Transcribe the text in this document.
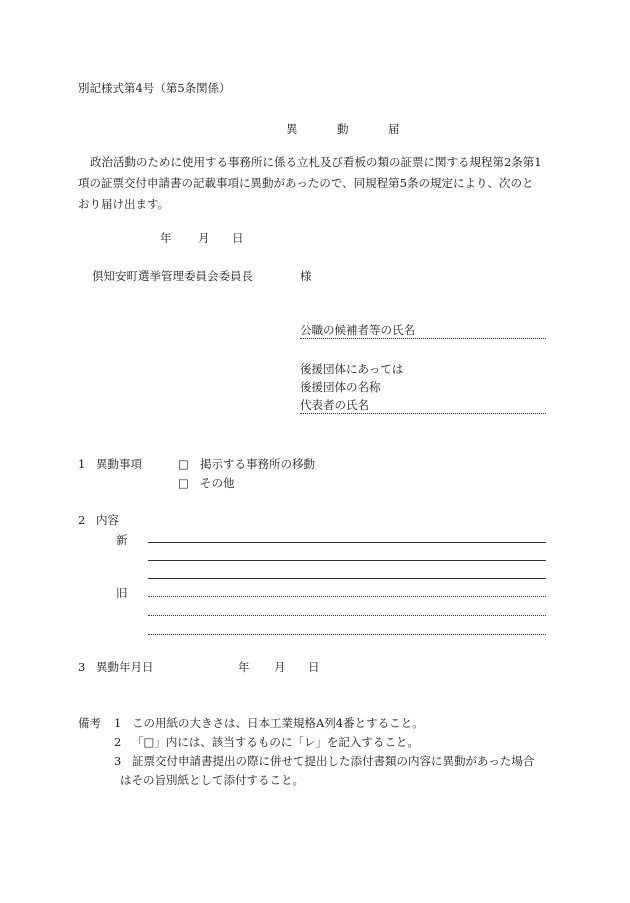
別記様式第4号（第5条関係）
異　動　届
政治活動のために使用する事務所に係る立札及び看板の類の証票に関する規程第2条第1
項の証票交付申請書の記載事項に異動があったので、同規程第5条の規定により、次のと
おり届け出ます。
年 月 日
倶知安町選挙管理委員会委員長	様
公職の候補者等の氏名
後援団体にあっては
後援団体の名称
代表者の氏名
1 異動事項	□ 掲示する事務所の移動
□ その他
2 内容
新
旧
3 異動年月日	年 月 日
備考 1 この用紙の大きさは、日本工業規格A列4番とすること。
2 「□」内には、該当するものに「レ」を記入すること。
3 証票交付申請書提出の際に併せて提出した添付書類の内容に異動があった場合
はその旨別紙として添付すること。
